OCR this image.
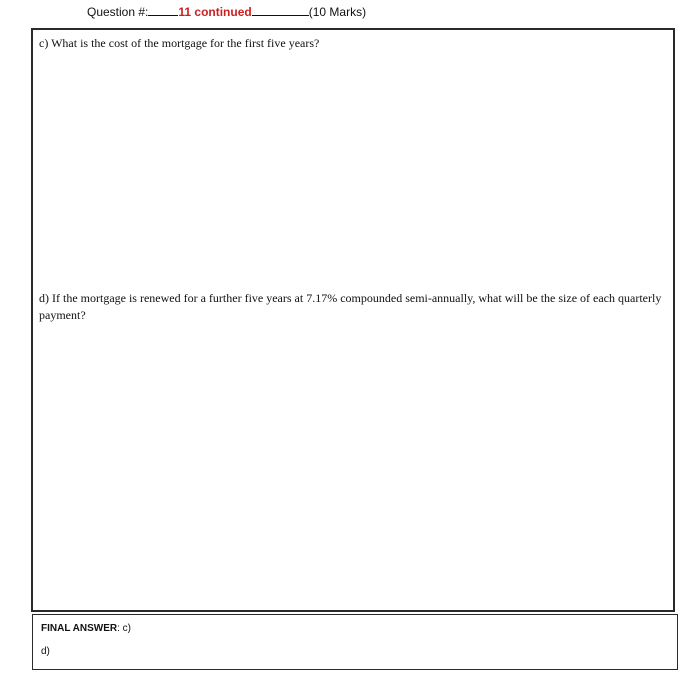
Question #:	11 continued	(10 Marks)
c) What is the cost of the mortgage for the first five years?
d) If the mortgage is renewed for a further five years at 7.17% compounded semi-annually, what will be the size of each quarterly payment?
FINAL ANSWER: c)
d)
